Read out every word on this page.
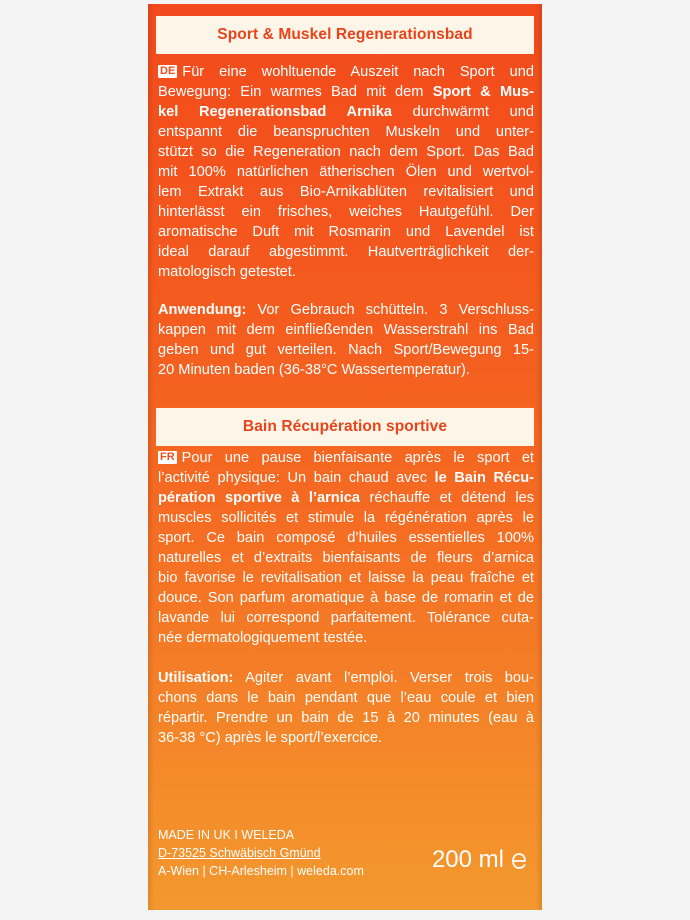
Sport & Muskel Regenerationsbad
DE Für eine wohltuende Auszeit nach Sport und
Bewegung: Ein warmes Bad mit dem Sport & Mus-
kel Regenerationsbad Arnika durchwärmt und
entspannt die beanspruchten Muskeln und unter-
stützt so die Regeneration nach dem Sport. Das Bad
mit 100% natürlichen ätherischen Ölen und wertvol-
lem Extrakt aus Bio-Arnikablüten revitalisiert und
hinterlässt ein frisches, weiches Hautgefühl. Der
aromatische Duft mit Rosmarin und Lavendel ist
ideal darauf abgestimmt. Hautverträglichkeit der-
matologisch getestet.
Anwendung: Vor Gebrauch schütteln. 3 Verschluss-
kappen mit dem einfließenden Wasserstrahl ins Bad
geben und gut verteilen. Nach Sport/Bewegung 15-
20 Minuten baden (36-38°C Wassertemperatur).
Bain Récupération sportive
FR Pour une pause bienfaisante après le sport et
l’activité physique: Un bain chaud avec le Bain Récu-
pération sportive à l’arnica réchauffe et détend les
muscles sollicités et stimule la régénération après le
sport. Ce bain composé d’huiles essentielles 100%
naturelles et d’extraits bienfaisants de fleurs d’arnica
bio favorise le revitalisation et laisse la peau fraîche et
douce. Son parfum aromatique à base de romarin et de
lavande lui correspond parfaitement. Tolérance cuta-
née dermatologiquement testée.
Utilisation: Agiter avant l’emploi. Verser trois bou-
chons dans le bain pendant que l’eau coule et bien
répartir. Prendre un bain de 15 à 20 minutes (eau à
36-38 °C) après le sport/l’exercice.
MADE IN UK I WELEDA
D-73525 Schwäbisch Gmünd
A-Wien | CH-Arlesheim | weleda.com	200 ml
